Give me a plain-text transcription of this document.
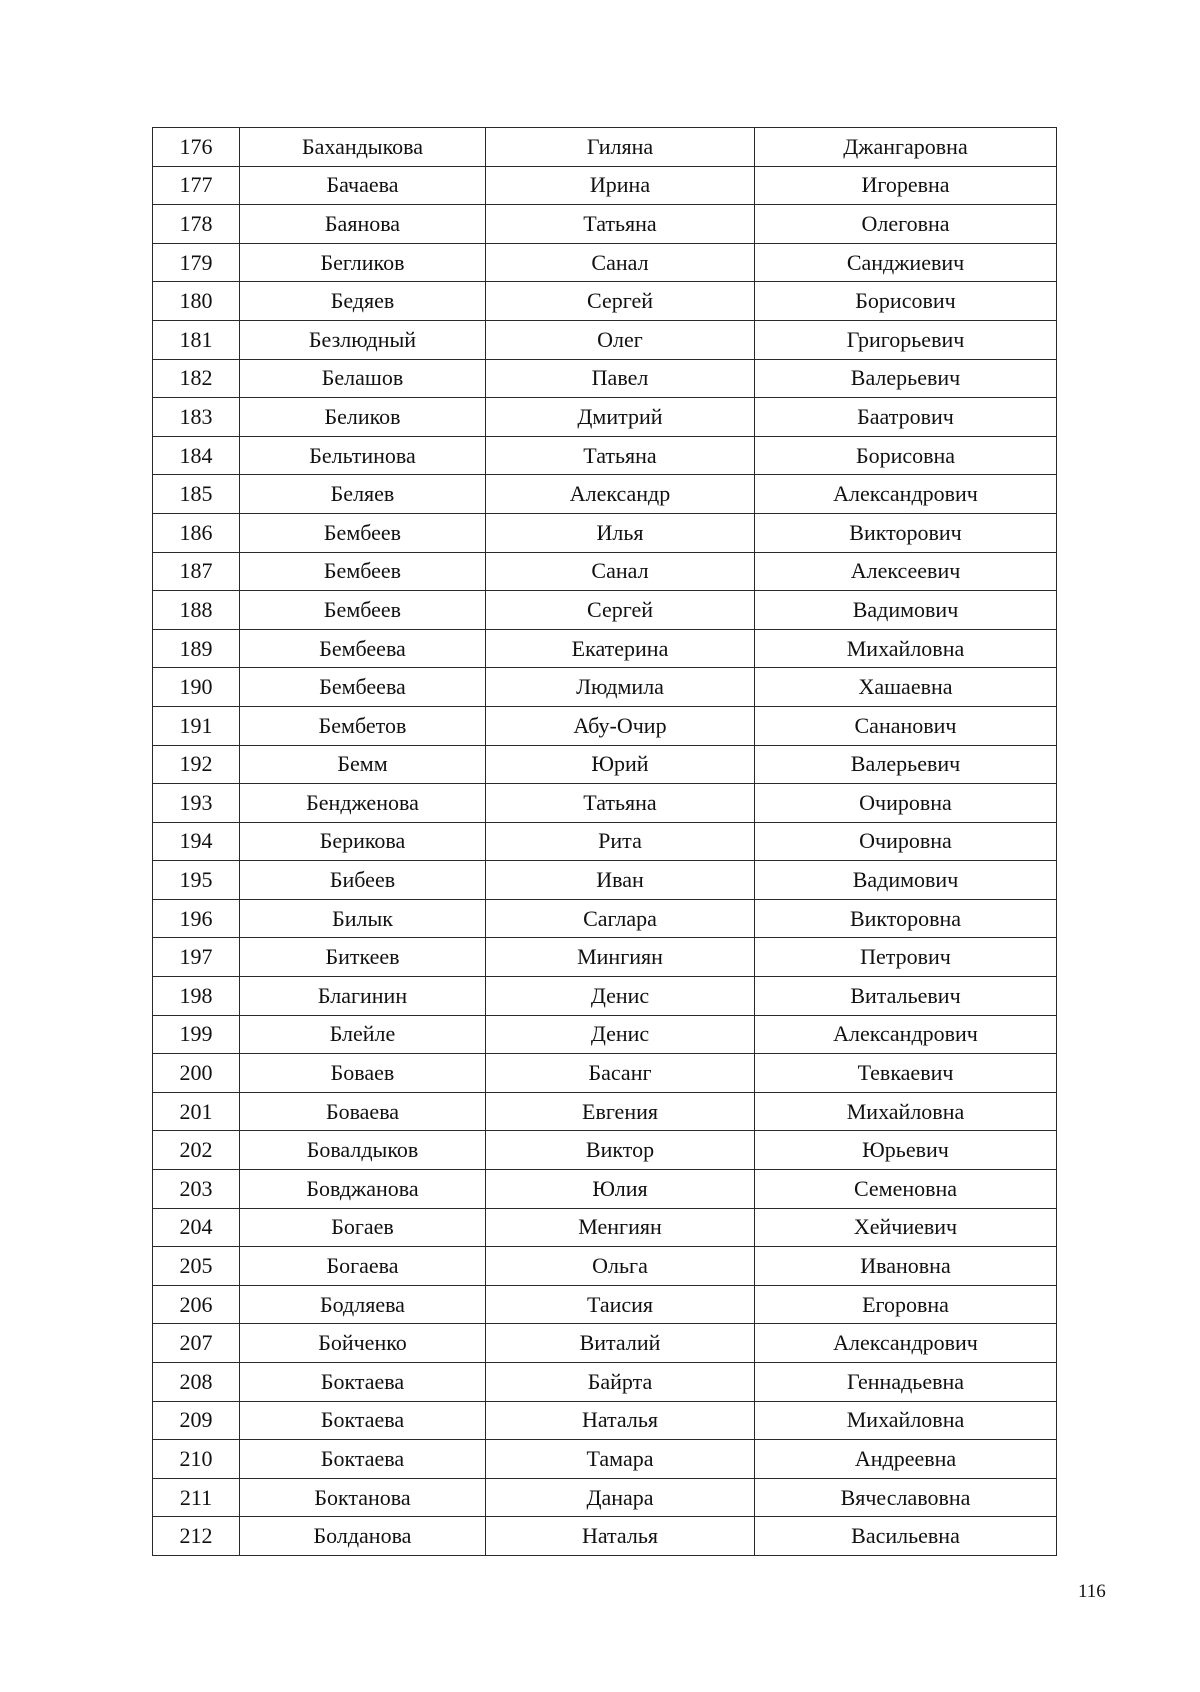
176	Бахандыкова	Гиляна	Джангаровна
177	Бачаева	Ирина	Игоревна
178	Баянова	Татьяна	Олеговна
179	Бегликов	Санал	Санджиевич
180	Бедяев	Сергей	Борисович
181	Безлюдный	Олег	Григорьевич
182	Белашов	Павел	Валерьевич
183	Беликов	Дмитрий	Баатрович
184	Бельтинова	Татьяна	Борисовна
185	Беляев	Александр	Александрович
186	Бембеев	Илья	Викторович
187	Бембеев	Санал	Алексеевич
188	Бембеев	Сергей	Вадимович
189	Бембеева	Екатерина	Михайловна
190	Бембеева	Людмила	Хашаевна
191	Бембетов	Абу-Очир	Сананович
192	Бемм	Юрий	Валерьевич
193	Бендженова	Татьяна	Очировна
194	Берикова	Рита	Очировна
195	Бибеев	Иван	Вадимович
196	Билык	Саглара	Викторовна
197	Биткеев	Мингиян	Петрович
198	Благинин	Денис	Витальевич
199	Блейле	Денис	Александрович
200	Боваев	Басанг	Тевкаевич
201	Боваева	Евгения	Михайловна
202	Бовалдыков	Виктор	Юрьевич
203	Бовджанова	Юлия	Семеновна
204	Богаев	Менгиян	Хейчиевич
205	Богаева	Ольга	Ивановна
206	Бодляева	Таисия	Егоровна
207	Бойченко	Виталий	Александрович
208	Боктаева	Байрта	Геннадьевна
209	Боктаева	Наталья	Михайловна
210	Боктаева	Тамара	Андреевна
211	Боктанова	Данара	Вячеславовна
212	Болданова	Наталья	Васильевна
116
